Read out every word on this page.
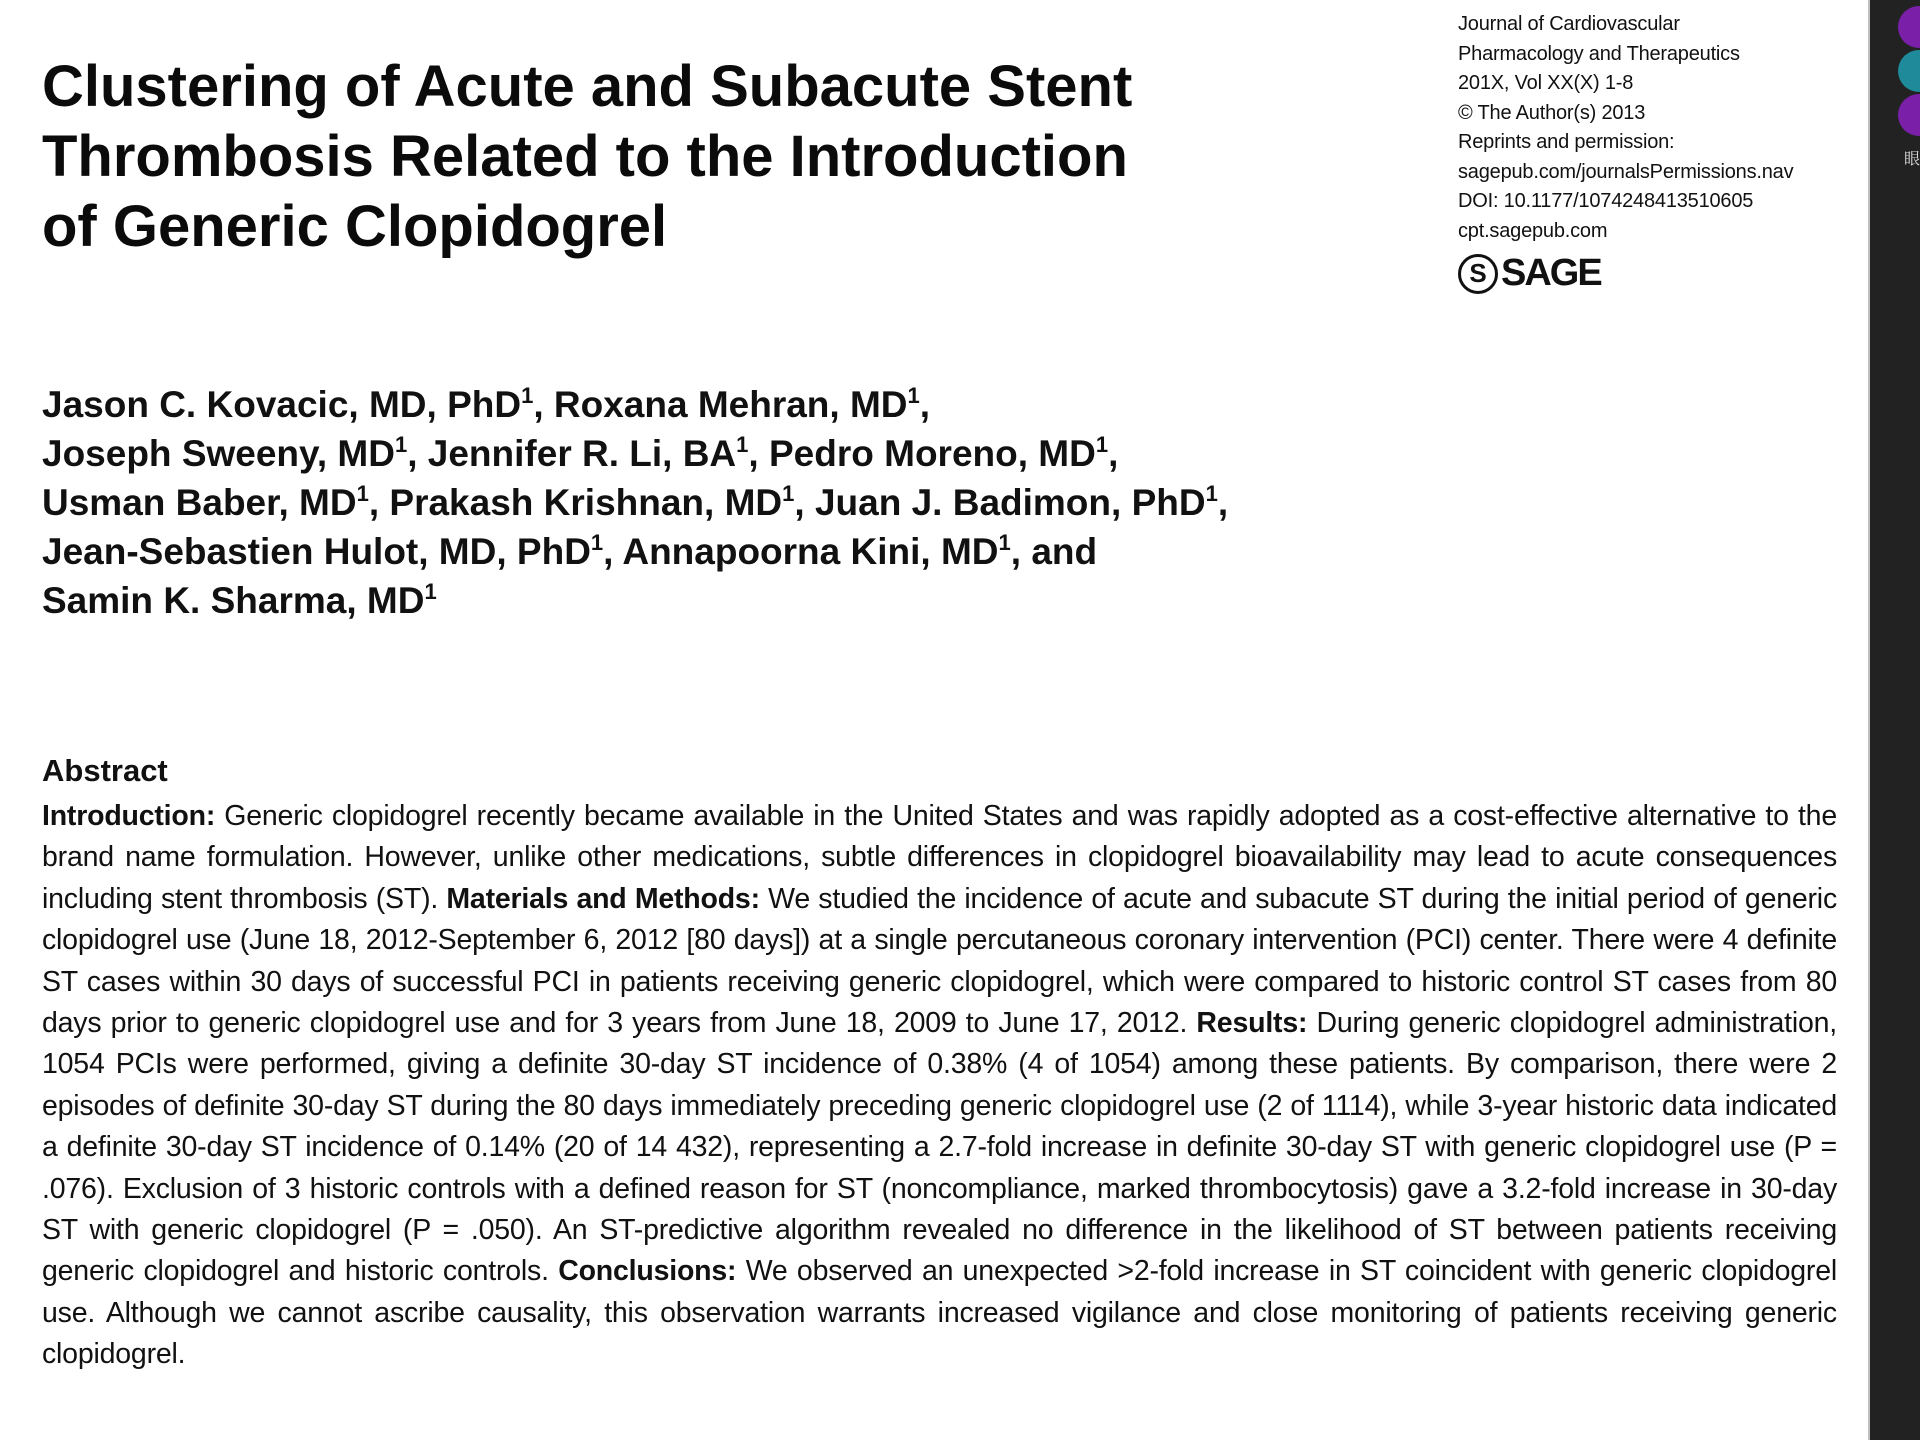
Journal of Cardiovascular
Pharmacology and Therapeutics
201X, Vol XX(X) 1-8
© The Author(s) 2013
Reprints and permission:
sagepub.com/journalsPermissions.nav
DOI: 10.1177/1074248413510605
cpt.sagepub.com
S SAGE
Clustering of Acute and Subacute Stent
Thrombosis Related to the Introduction
of Generic Clopidogrel
Jason C. Kovacic, MD, PhD$^1$, Roxana Mehran, $MD^1$,
Joseph Sweeny, $MD^1$, Jennifer R. Li, $BA^1$, Pedro Moreno, $MD^1$,
Usman Baber, $MD^1$, Prakash Krishnan, $MD^1$, Juan J. Badimon, PhD$^1$,
Jean-Sebastien Hulot, MD, PhD$^1$, Annapoorna Kini, $MD^1$, and
Samin K. Sharma, $MD^1$
Abstract

Introduction: Generic clopidogrel recently became available in the United States and was rapidly adopted as a cost-effective alternative to the brand name formulation. However, unlike other medications, subtle differences in clopidogrel bioavailability may lead to acute consequences including stent thrombosis (ST). Materials and Methods: We studied the incidence of acute and subacute ST during the initial period of generic clopidogrel use (June 18, 2012-September 6, 2012 [80 days]) at a single percutaneous coronary intervention (PCI) center. There were 4 definite ST cases within 30 days of successful PCI in patients receiving generic clopidogrel, which were compared to historic control ST cases from 80 days prior to generic clopidogrel use and for 3 years from June 18, 2009 to June 17, 2012. Results: During generic clopidogrel administration, 1054 PCIs were performed, giving a definite 30-day ST incidence of 0.38% (4 of 1054) among these patients. By comparison, there were 2 episodes of definite 30-day ST during the 80 days immediately preceding generic clopidogrel use (2 of 1114), while 3-year historic data indicated a definite 30-day ST incidence of 0.14% (20 of 14 432), representing a 2.7-fold increase in definite 30-day ST with generic clopidogrel use (P = .076). Exclusion of 3 historic controls with a defined reason for ST (noncompliance, marked thrombocytosis) gave a 3.2-fold increase in 30-day ST with generic clopidogrel (P = .050). An ST-predictive algorithm revealed no difference in the likelihood of ST between patients receiving generic clopidogrel and historic controls. Conclusions: We observed an unexpected >2-fold increase in ST coincident with generic clopidogrel use. Although we cannot ascribe causality, this observation warrants increased vigilance and close monitoring of patients receiving generic clopidogrel.

眼
